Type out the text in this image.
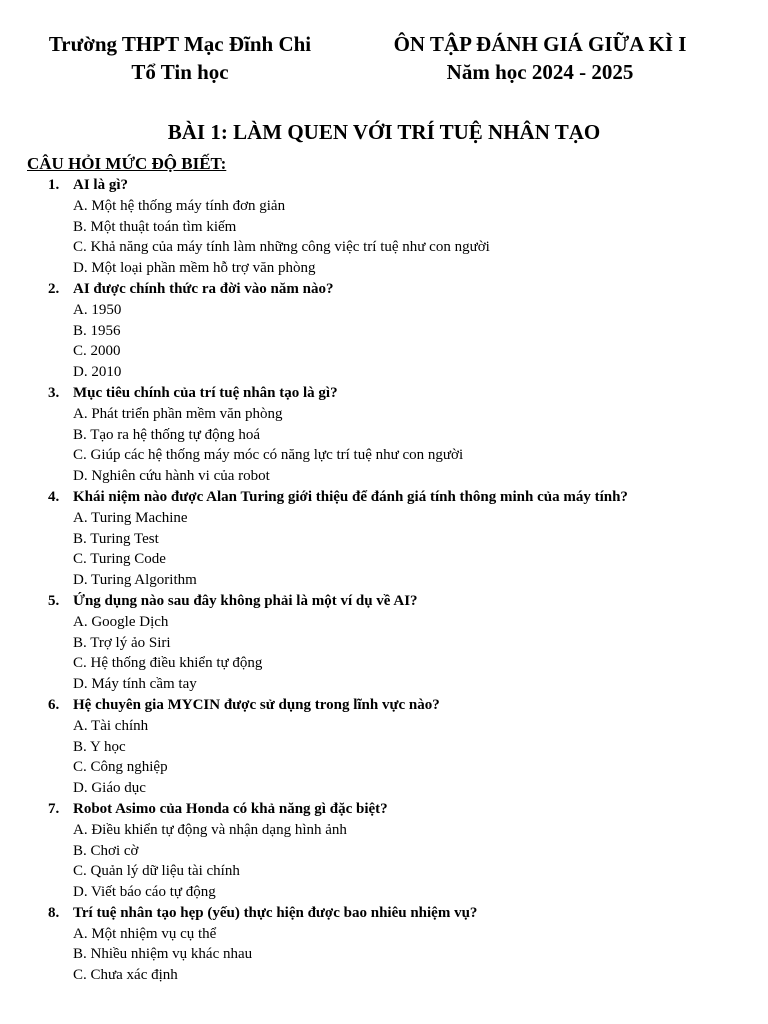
Trường THPT Mạc Đĩnh Chi
Tổ Tin học
ÔN TẬP ĐÁNH GIÁ GIỮA KÌ I
Năm học 2024 - 2025
BÀI 1: LÀM QUEN VỚI TRÍ TUỆ NHÂN TẠO
CÂU HỎI MỨC ĐỘ BIẾT:
1. AI là gì?
A. Một hệ thống máy tính đơn giản
B. Một thuật toán tìm kiếm
C. Khả năng của máy tính làm những công việc trí tuệ như con người
D. Một loại phần mềm hỗ trợ văn phòng
2. AI được chính thức ra đời vào năm nào?
A. 1950
B. 1956
C. 2000
D. 2010
3. Mục tiêu chính của trí tuệ nhân tạo là gì?
A. Phát triển phần mềm văn phòng
B. Tạo ra hệ thống tự động hoá
C. Giúp các hệ thống máy móc có năng lực trí tuệ như con người
D. Nghiên cứu hành vi của robot
4. Khái niệm nào được Alan Turing giới thiệu để đánh giá tính thông minh của máy tính?
A. Turing Machine
B. Turing Test
C. Turing Code
D. Turing Algorithm
5. Ứng dụng nào sau đây không phải là một ví dụ về AI?
A. Google Dịch
B. Trợ lý ảo Siri
C. Hệ thống điều khiển tự động
D. Máy tính cầm tay
6. Hệ chuyên gia MYCIN được sử dụng trong lĩnh vực nào?
A. Tài chính
B. Y học
C. Công nghiệp
D. Giáo dục
7. Robot Asimo của Honda có khả năng gì đặc biệt?
A. Điều khiển tự động và nhận dạng hình ảnh
B. Chơi cờ
C. Quản lý dữ liệu tài chính
D. Viết báo cáo tự động
8. Trí tuệ nhân tạo hẹp (yếu) thực hiện được bao nhiêu nhiệm vụ?
A. Một nhiệm vụ cụ thể
B. Nhiều nhiệm vụ khác nhau
C. Chưa xác định
